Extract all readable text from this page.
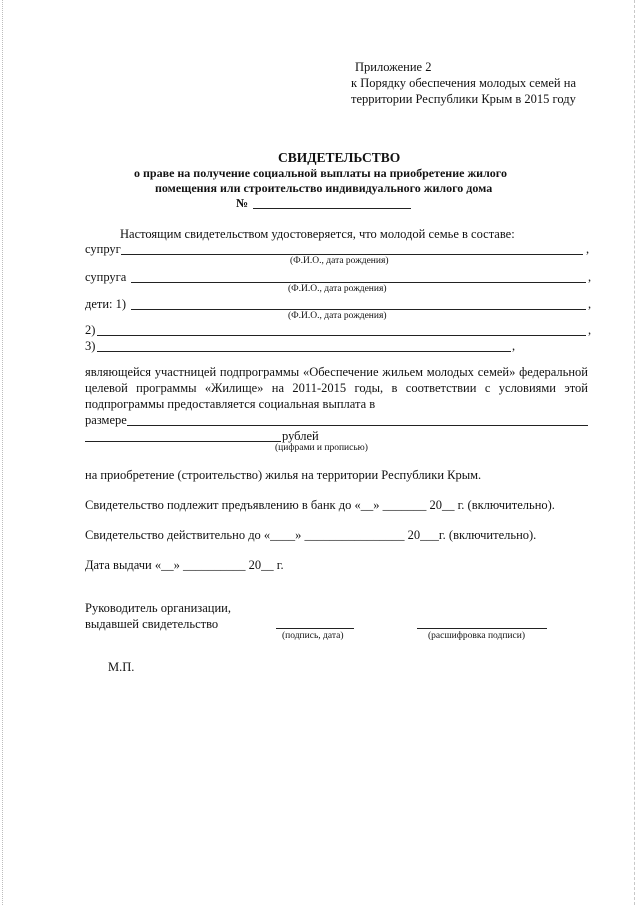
Приложение 2
к Порядку обеспечения молодых семей на
территории Республики Крым в 2015 году
СВИДЕТЕЛЬСТВО
о праве на получение социальной выплаты на приобретение жилого
помещения или строительство индивидуального жилого дома
№
Настоящим свидетельством удостоверяется, что молодой семье в составе:
супруг	,
(Ф.И.О., дата рождения)
супруга	,
(Ф.И.О., дата рождения)
дети: 1)	,
(Ф.И.О., дата рождения)
2)	,
3)	,
являющейся участницей подпрограммы «Обеспечение жильем молодых семей» федеральной целевой программы «Жилище» на 2011-2015 годы, в соответствии с условиями этой подпрограммы предоставляется социальная выплата в
размере
рублей
(цифрами и прописью)
на приобретение (строительство) жилья на территории Республики Крым.
Свидетельство подлежит предъявлению в банк до «__» _______ 20__ г. (включительно).
Свидетельство действительно до «____» ________________ 20___г. (включительно).
Дата выдачи «__» __________ 20__ г.
Руководитель организации,
выдавшей свидетельство
(подпись, дата)	(расшифровка подписи)
М.П.
